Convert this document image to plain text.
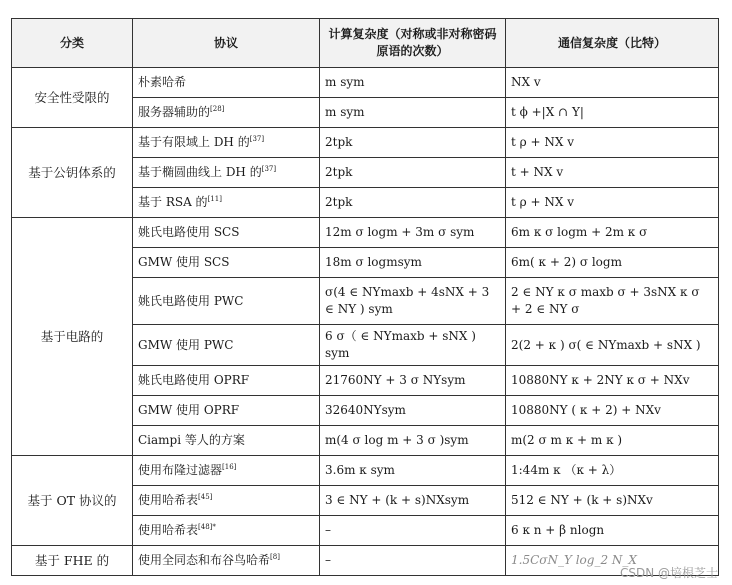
分类	协议	计算复杂度（对称或非对称密码原语的次数）	通信复杂度（比特）
安全性受限的	朴素哈希	m sym	NX v
	服务器辅助的[28]	m sym	t ϕ +|X ∩ Y|
基于公钥体系的	基于有限域上 DH 的[37]	2tpk	t ρ + NX v
	基于椭圆曲线上 DH 的[37]	2tpk	t + NX v
	基于 RSA 的[11]	2tpk	t ρ + NX v
基于电路的	姚氏电路使用 SCS	12m σ logm + 3m σ sym	6m κ σ logm + 2m κ σ
	GMW 使用 SCS	18m σ logmsym	6m( κ + 2) σ logm
	姚氏电路使用 PWC	σ(4 ∈ NYmaxb + 4sNX + 3 ∈ NY ) sym	2 ∈ NY κ σ maxb σ + 3sNX κ σ + 2 ∈ NY σ
	GMW 使用 PWC	6 σ（ ∈ NYmaxb + sNX ) sym	2(2 + κ ) σ( ∈ NYmaxb + sNX )
	姚氏电路使用 OPRF	21760NY + 3 σ NYsym	10880NY κ + 2NY κ σ + NXv
	GMW 使用 OPRF	32640NYsym	10880NY ( κ + 2) + NXv
	Ciampi 等人的方案	m(4 σ log m + 3 σ )sym	m(2 σ m κ + m κ )
基于 OT 协议的	使用布隆过滤器[16]	3.6m κ sym	1:44m κ （κ + λ）
	使用哈希表[45]	3 ∈ NY + (k + s)NXsym	512 ∈ NY + (k + s)NXv
	使用哈希表$^{[48]*}$	–	6 κ n + β nlogn
基于 FHE 的	使用全同态和布谷鸟哈希[8]	–	1.5CσN_Y log_2 N_X
CSDN @培根芝士
